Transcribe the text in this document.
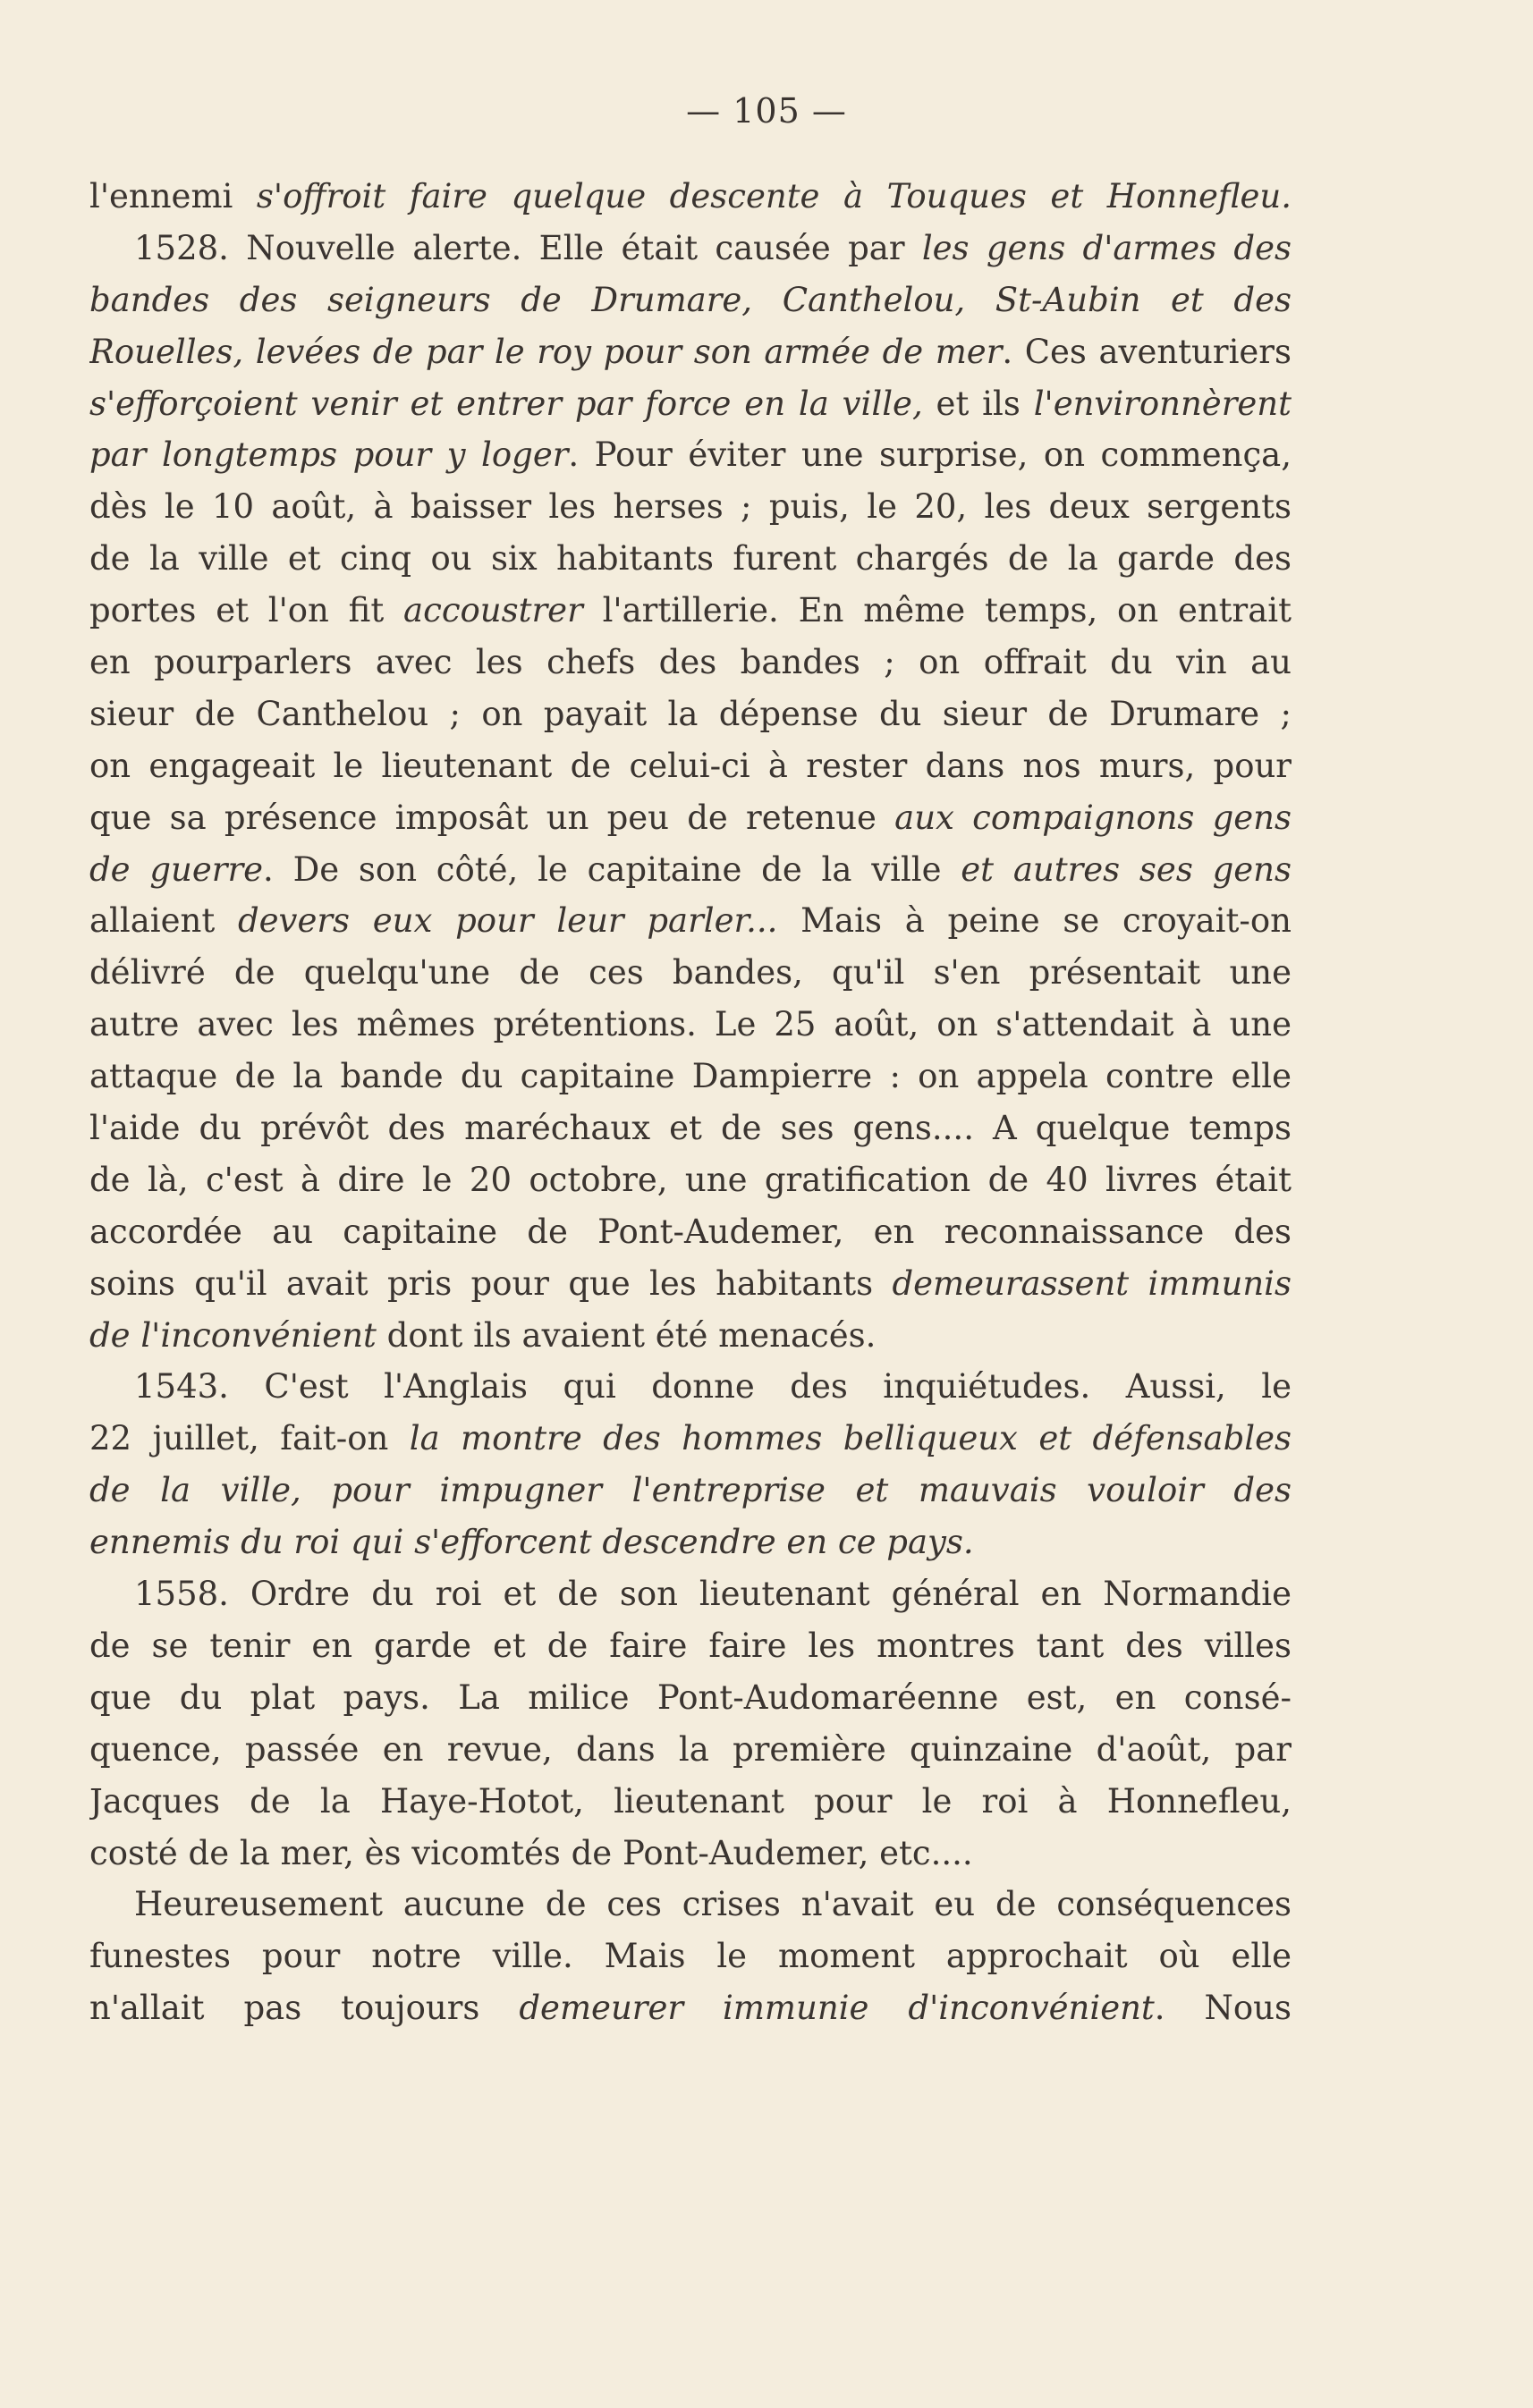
— 105 —
l'ennemi s'offroit faire quelque descente à Touques et Honnefleu.
1528. Nouvelle alerte. Elle était causée par les gens d'armes des
bandes des seigneurs de Drumare, Canthelou, St-Aubin et des
Rouelles, levées de par le roy pour son armée de mer. Ces aventuriers
s'efforçoient venir et entrer par force en la ville, et ils l'environnèrent
par longtemps pour y loger. Pour éviter une surprise, on commença,
dès le 10 août, à baisser les herses ; puis, le 20, les deux sergents
de la ville et cinq ou six habitants furent chargés de la garde des
portes et l'on fit accoustrer l'artillerie. En même temps, on entrait
en pourparlers avec les chefs des bandes ; on offrait du vin au
sieur de Canthelou ; on payait la dépense du sieur de Drumare ;
on engageait le lieutenant de celui-ci à rester dans nos murs, pour
que sa présence imposât un peu de retenue aux compaignons gens
de guerre. De son côté, le capitaine de la ville et autres ses gens
allaient devers eux pour leur parler... Mais à peine se croyait-on
délivré de quelqu'une de ces bandes, qu'il s'en présentait une
autre avec les mêmes prétentions. Le 25 août, on s'attendait à une
attaque de la bande du capitaine Dampierre : on appela contre elle
l'aide du prévôt des maréchaux et de ses gens.... A quelque temps
de là, c'est à dire le 20 octobre, une gratification de 40 livres était
accordée au capitaine de Pont-Audemer, en reconnaissance des
soins qu'il avait pris pour que les habitants demeurassent immunis
de l'inconvénient dont ils avaient été menacés.
1543. C'est l'Anglais qui donne des inquiétudes. Aussi, le
22 juillet, fait-on la montre des hommes belliqueux et défensables
de la ville, pour impugner l'entreprise et mauvais vouloir des
ennemis du roi qui s'efforcent descendre en ce pays.
1558. Ordre du roi et de son lieutenant général en Normandie
de se tenir en garde et de faire faire les montres tant des villes
que du plat pays. La milice Pont-Audomaréenne est, en consé-
quence, passée en revue, dans la première quinzaine d'août, par
Jacques de la Haye-Hotot, lieutenant pour le roi à Honnefleu,
costé de la mer, ès vicomtés de Pont-Audemer, etc....
Heureusement aucune de ces crises n'avait eu de conséquences
funestes pour notre ville. Mais le moment approchait où elle
n'allait pas toujours demeurer immunie d'inconvénient. Nous
